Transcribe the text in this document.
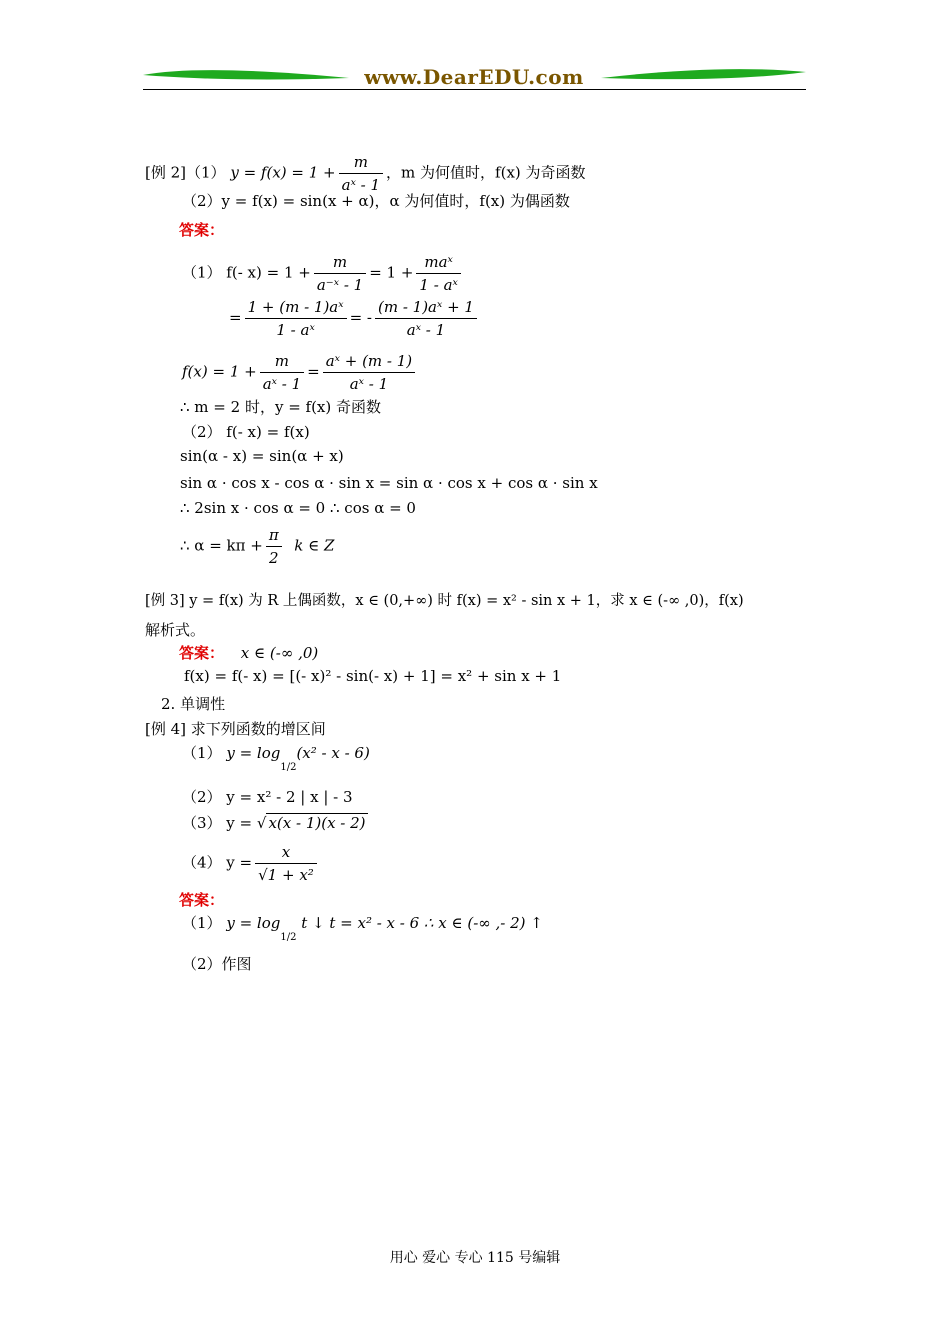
www.DearEDU.com
[例 2]（1） $y = f(x) = 1 + \frac{m}{\text{aˣ - 1}}$ ，m 为何值时，f(x) 为奇函数
（2）y = f(x) = sin(x + α)，α 为何值时，f(x) 为偶函数
答案：
（1） f(- $x) = 1 + \frac{m}{\text{a⁻ˣ - 1}} = 1 + \frac{\text{maˣ}}{\text{1 - aˣ}}$
= $\frac{\text{1 + (m - 1)aˣ}}{\text{1 - aˣ}}$ = - $\frac{\text{(m - 1)aˣ + 1}}{\text{aˣ - 1}}$
$f(x) = 1 + \frac{m}{\text{aˣ - 1}} = \frac{\text{aˣ + (m - 1)}}{\text{aˣ - 1}}$
∴ m = 2 时，y = f(x) 奇函数
（2） f(- x) = f(x)
sin(α - x) = sin(α + x)
sin α · cos x - cos α · sin x = sin α · cos x + cos α · sin x
∴ 2sin x · cos α = 0 ∴ cos α = 0
∴ $\alpha = k\pi + \frac{\pi}{2}$ k ∈ Z
[例 3] y = f(x) 为 R 上偶函数，x ∈ (0,+∞) 时 f(x) = x² - sin x + 1，求 x ∈ (-∞ ,0)，f(x)
解析式。
答案： x ∈ (-∞ ,0)
f(x) = f(- x) = [(- x)² - sin(- x) + 1] = x² + sin x + 1
2. 单调性
[例 4] 求下列函数的增区间
（1） $y = \log_{1/2}(x^2 - x - 6)$
（2） y = x² - 2 | x | - 3
（3） y = √ x(x - 1)(x - 2)
（4） $y = \frac{x}{\text{√1 + x²}}$
答案：
（1） $y = \log_{1/2} t$ ↓ t = x² - x - 6 ∴ x ∈ (-∞ ,- 2) ↑
（2）作图
用心 爱心 专心 115 号编辑
